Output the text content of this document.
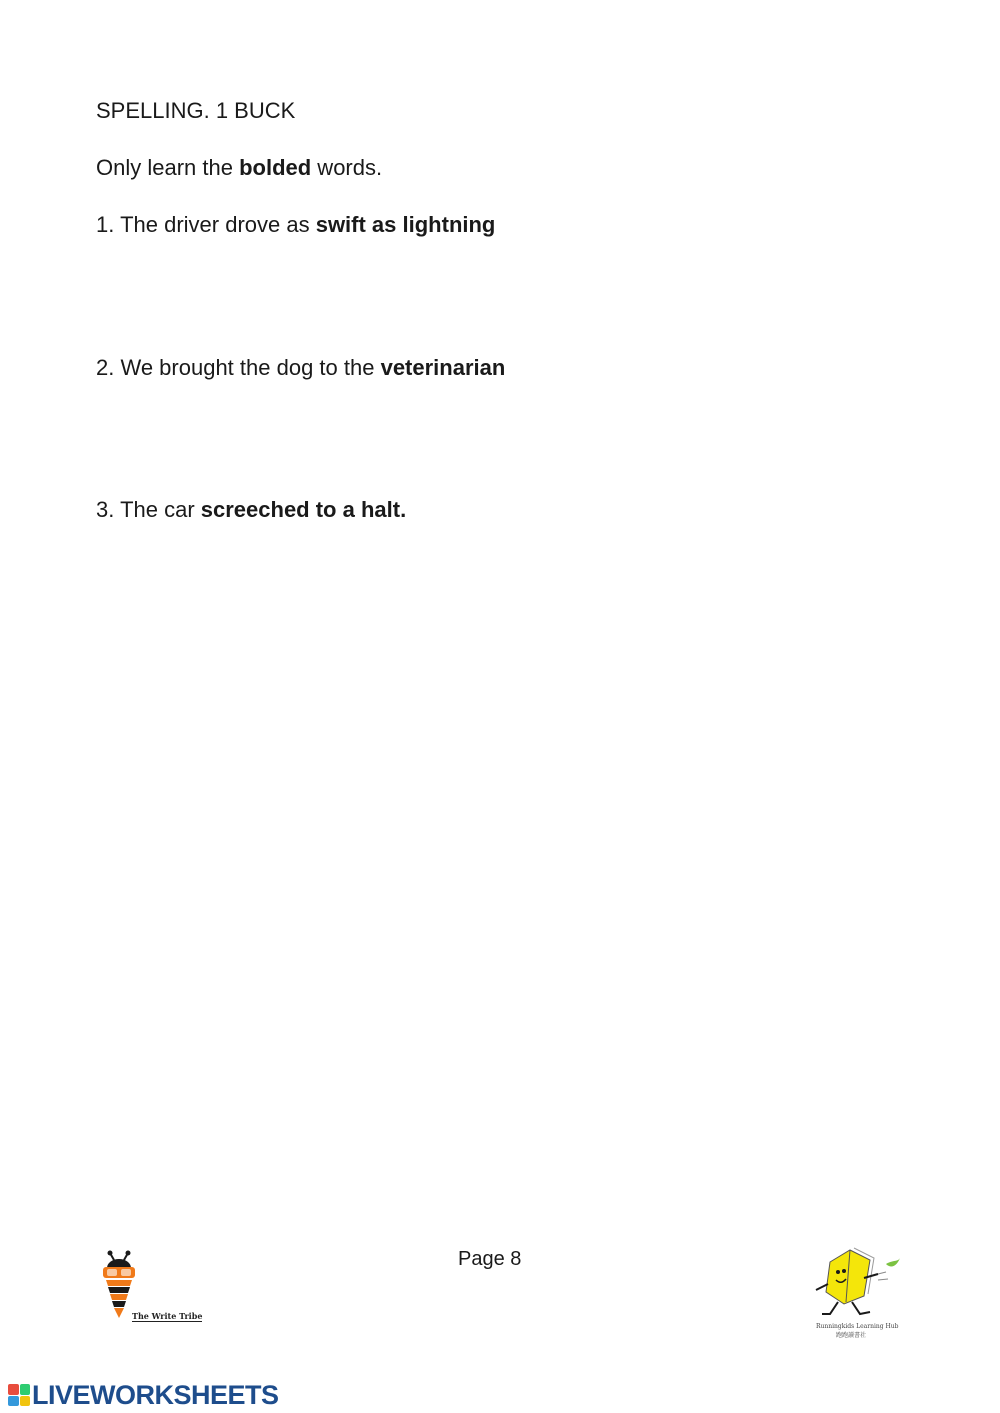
SPELLING. 1 BUCK
Only learn the bolded words.
1. The driver drove as swift as lightning
2. We brought the dog to the veterinarian
3. The car screeched to a halt.
Page 8
The Write Tribe
Runningkids Learning Hub
跑跑讀書社
LIVEWORKSHEETS
